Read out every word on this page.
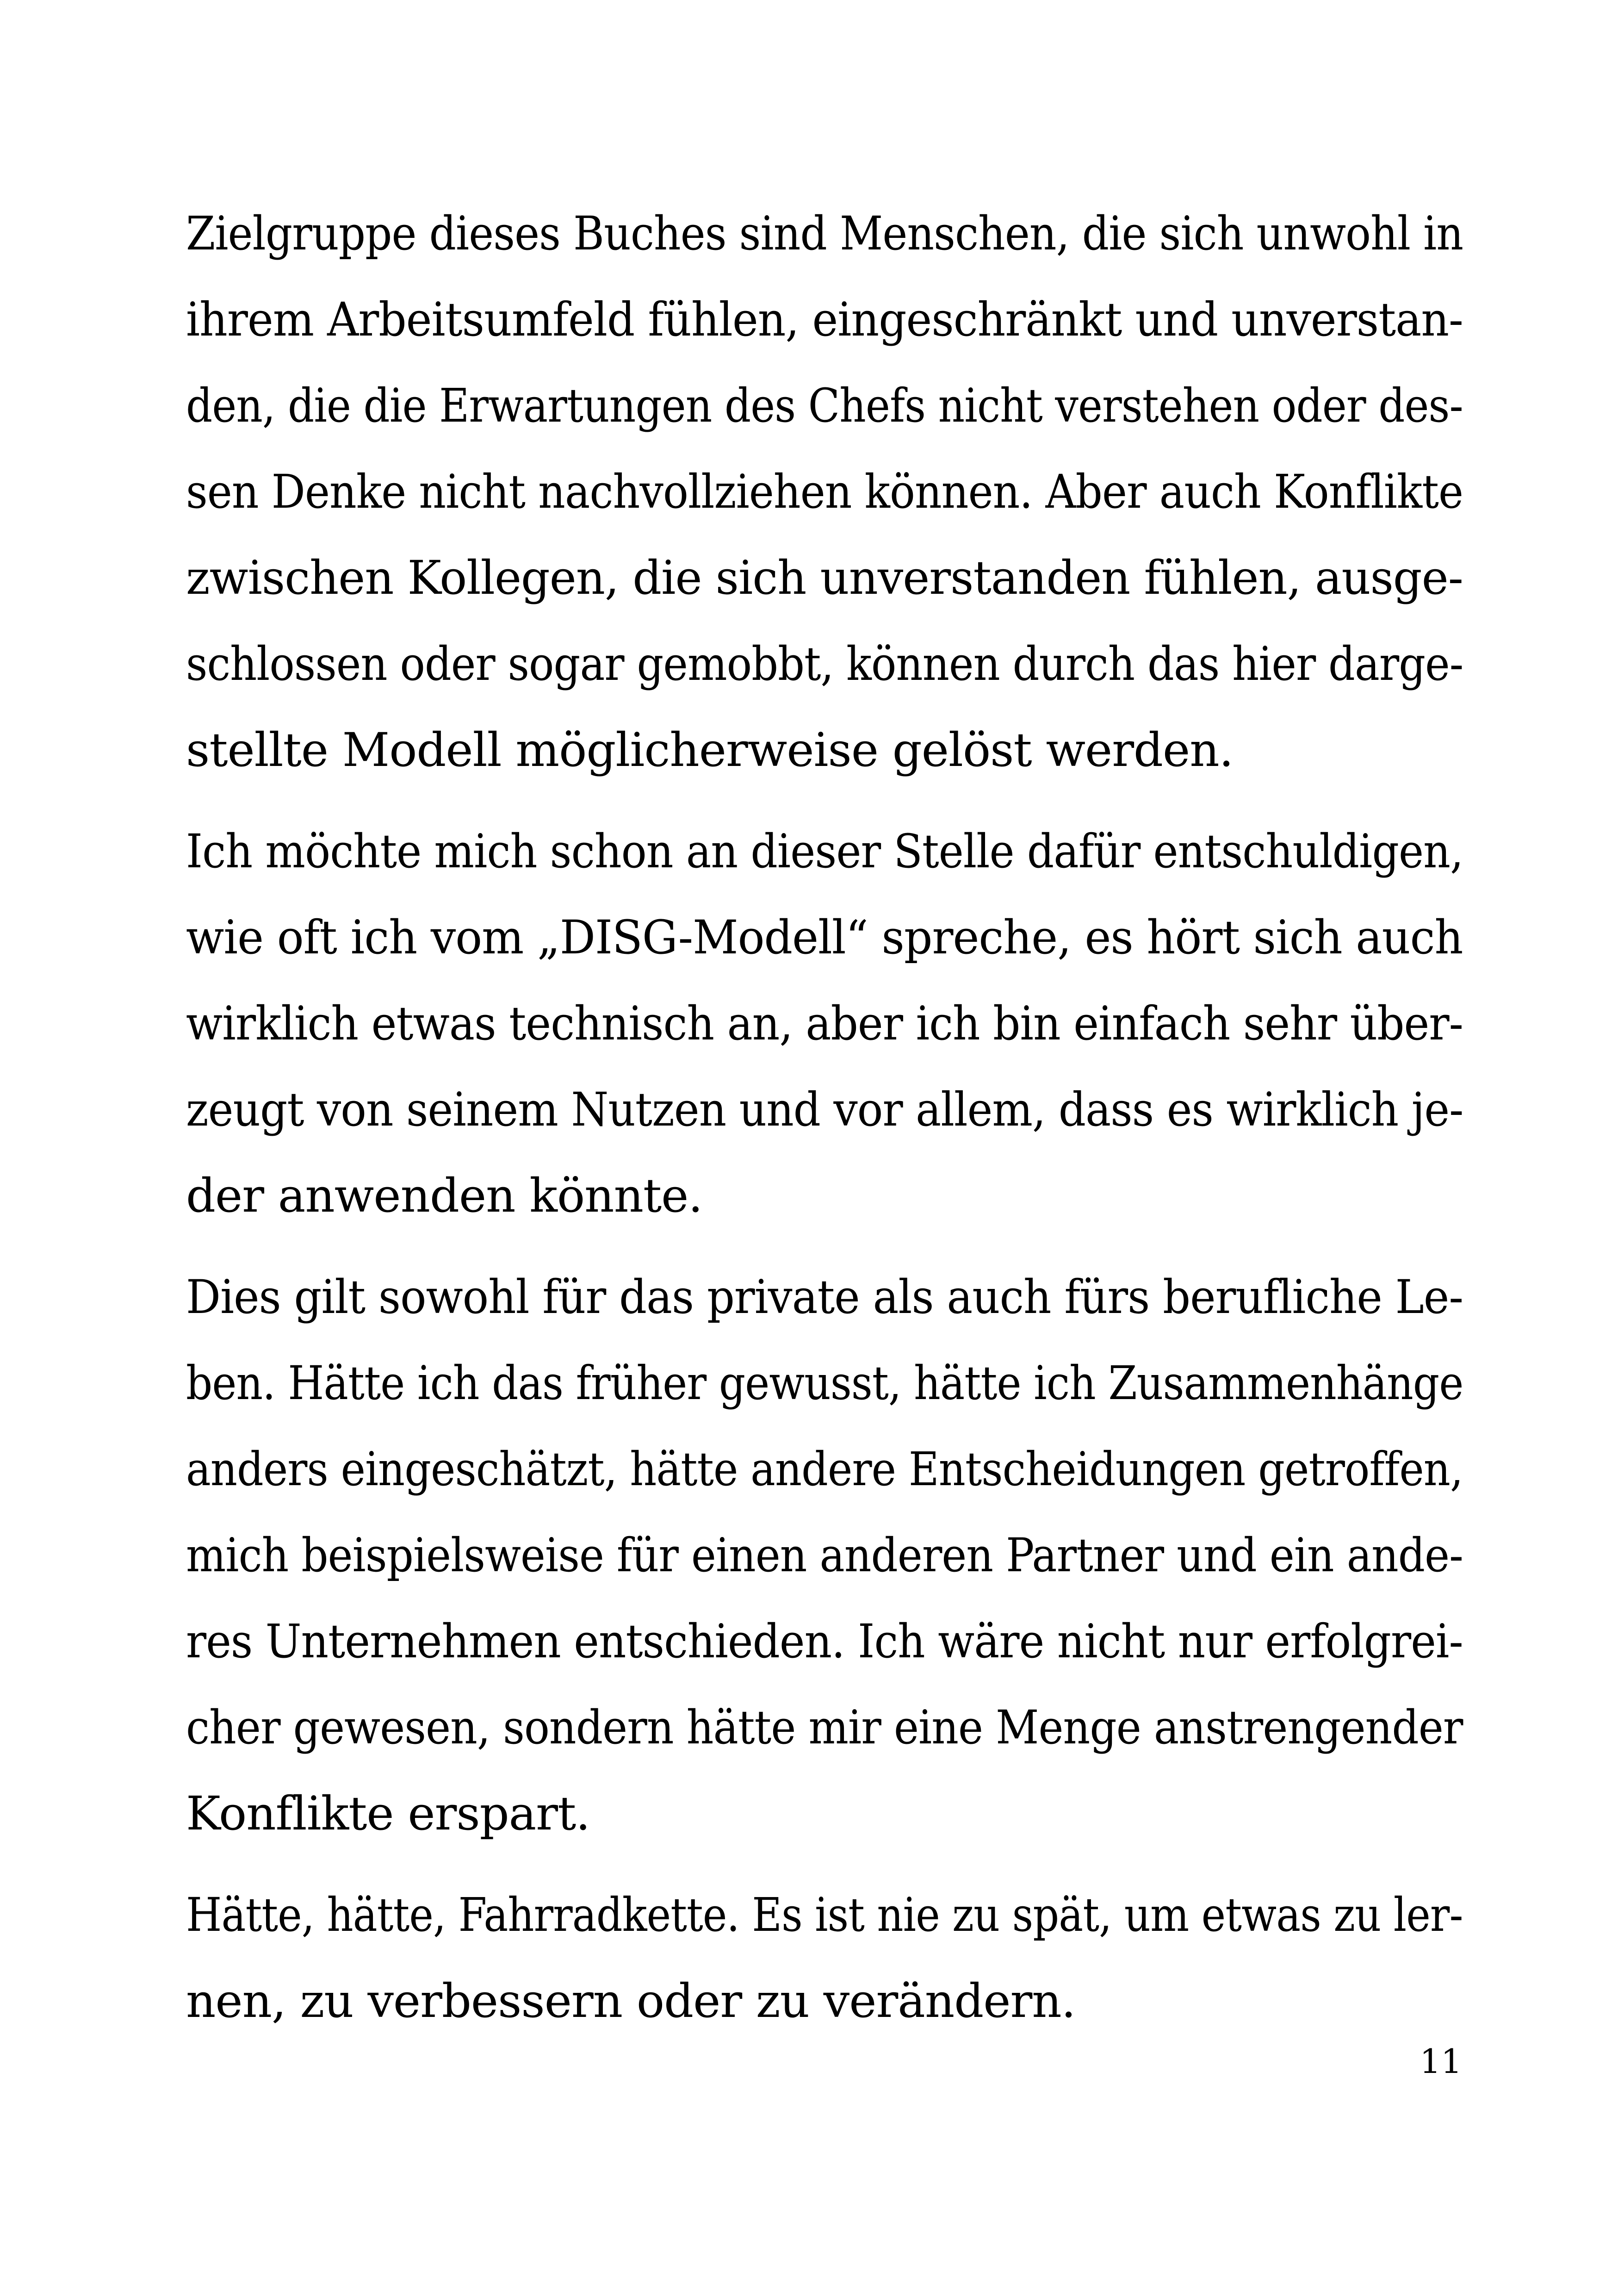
Zielgruppe dieses Buches sind Menschen, die sich unwohl in
ihrem Arbeitsumfeld fühlen, eingeschränkt und unverstan-
den, die die Erwartungen des Chefs nicht verstehen oder des-
sen Denke nicht nachvollziehen können. Aber auch Konflikte
zwischen Kollegen, die sich unverstanden fühlen, ausge-
schlossen oder sogar gemobbt, können durch das hier darge-
stellte Modell möglicherweise gelöst werden.
Ich möchte mich schon an dieser Stelle dafür entschuldigen,
wie oft ich vom „DISG-Modell“ spreche, es hört sich auch
wirklich etwas technisch an, aber ich bin einfach sehr über-
zeugt von seinem Nutzen und vor allem, dass es wirklich je-
der anwenden könnte.
Dies gilt sowohl für das private als auch fürs berufliche Le-
ben. Hätte ich das früher gewusst, hätte ich Zusammenhänge
anders eingeschätzt, hätte andere Entscheidungen getroffen,
mich beispielsweise für einen anderen Partner und ein ande-
res Unternehmen entschieden. Ich wäre nicht nur erfolgrei-
cher gewesen, sondern hätte mir eine Menge anstrengender
Konflikte erspart.
Hätte, hätte, Fahrradkette. Es ist nie zu spät, um etwas zu ler-
nen, zu verbessern oder zu verändern.
11
